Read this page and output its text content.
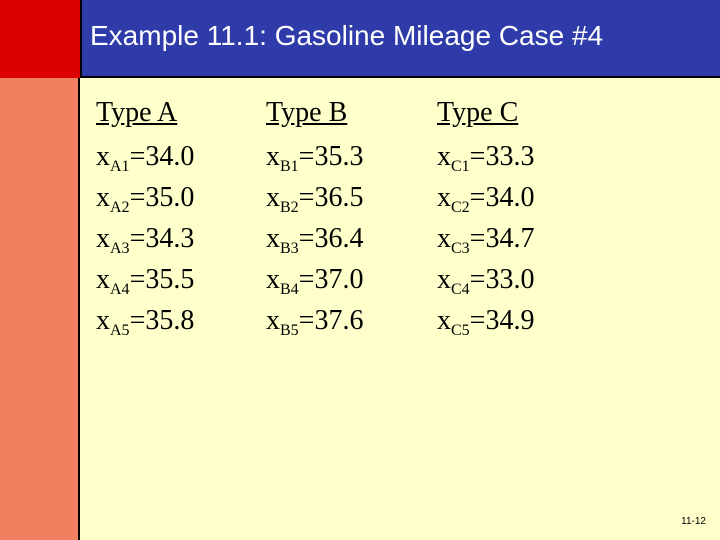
Example 11.1: Gasoline Mileage Case #4
Type A
$x_{A1}=34.0$
$x_{A2}=35.0$
$x_{A3}=34.3$
$x_{A4}=35.5$
$x_{A5}=35.8$
Type B
$x_{B1}=35.3$
$x_{B2}=36.5$
$x_{B3}=36.4$
$x_{B4}=37.0$
$x_{B5}=37.6$
Type C
$x_{C1}=33.3$
$x_{C2}=34.0$
$x_{C3}=34.7$
$x_{C4}=33.0$
$x_{C5}=34.9$
11-12
